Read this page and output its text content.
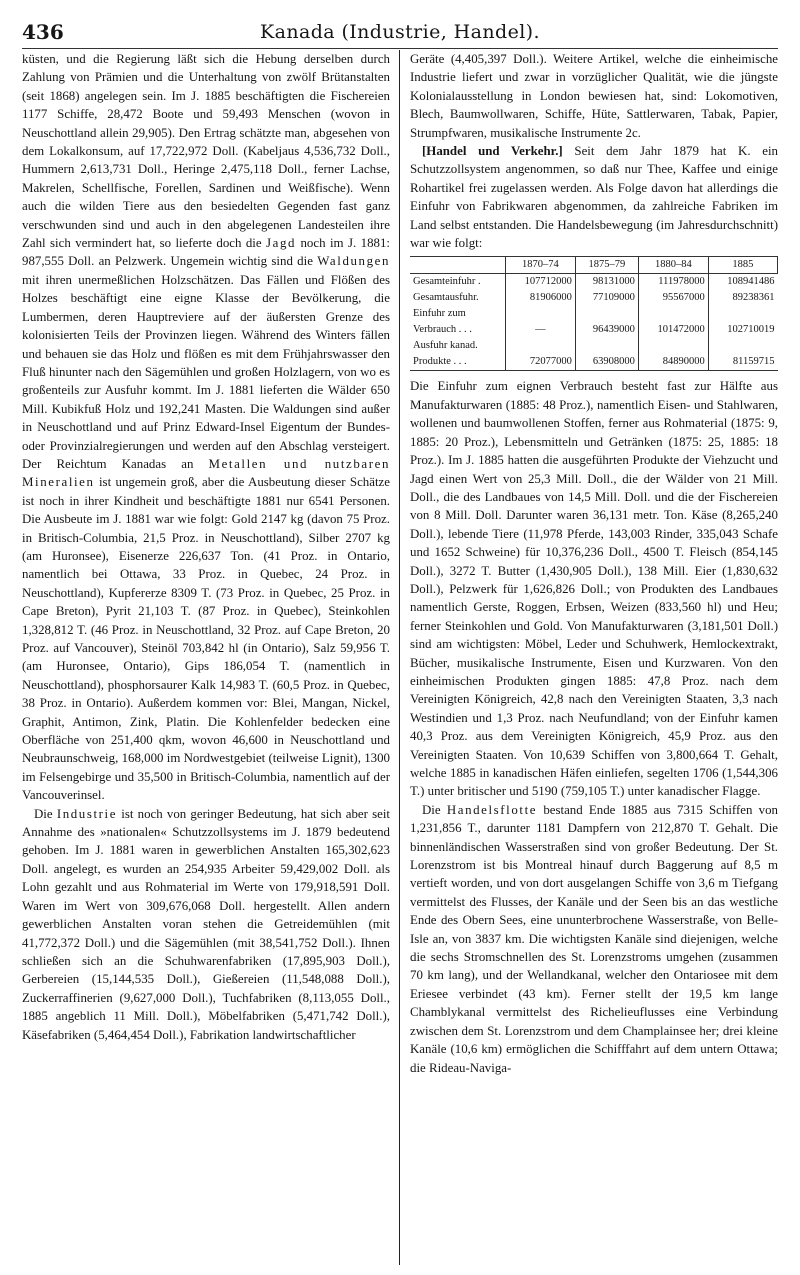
436	Kanada (Industrie, Handel).

küsten, und die Regierung läßt sich die Hebung derselben durch Zahlung von Prämien und die Unterhaltung von zwölf Brütanstalten (seit 1868) angelegen sein. Im J. 1885 beschäftigten die Fischereien 1177 Schiffe, 28,472 Boote und 59,493 Menschen (wovon in Neuschottland allein 29,905). Den Ertrag schätzte man, abgesehen von dem Lokalkonsum, auf 17,722,972 Doll. (Kabeljaus 4,536,732 Doll., Hummern 2,613,731 Doll., Heringe 2,475,118 Doll., ferner Lachse, Makrelen, Schellfische, Forellen, Sardinen und Weißfische). Wenn auch die wilden Tiere aus den besiedelten Gegenden fast ganz verschwunden sind und auch in den abgelegenen Landesteilen ihre Zahl sich vermindert hat, so lieferte doch die Jagd noch im J. 1881: 987,555 Doll. an Pelzwerk. Ungemein wichtig sind die Waldungen mit ihren unermeßlichen Holzschätzen. Das Fällen und Flößen des Holzes beschäftigt eine eigne Klasse der Bevölkerung, die Lumbermen, deren Hauptreviere auf der äußersten Grenze des kolonisierten Teils der Provinzen liegen. Während des Winters fällen und behauen sie das Holz und flößen es mit dem Frühjahrswasser den Fluß hinunter nach den Sägemühlen und großen Holzlagern, von wo es großenteils zur Ausfuhr kommt. Im J. 1881 lieferten die Wälder 650 Mill. Kubikfuß Holz und 192,241 Masten. Die Waldungen sind außer in Neuschottland und auf Prinz Edward-Insel Eigentum der Bundes- oder Provinzialregierungen und werden auf den Abschlag versteigert. Der Reichtum Kanadas an Metallen und nutzbaren Mineralien ist ungemein groß, aber die Ausbeutung dieser Schätze ist noch in ihrer Kindheit und beschäftigte 1881 nur 6541 Personen. Die Ausbeute im J. 1881 war wie folgt: Gold 2147 kg (davon 75 Proz. in Britisch-Columbia, 21,5 Proz. in Neuschottland), Silber 2707 kg (am Huronsee), Eisenerze 226,637 Ton. (41 Proz. in Ontario, namentlich bei Ottawa, 33 Proz. in Quebec, 24 Proz. in Neuschottland), Kupfererze 8309 T. (73 Proz. in Quebec, 25 Proz. in Cape Breton), Pyrit 21,103 T. (87 Proz. in Quebec), Steinkohlen 1,328,812 T. (46 Proz. in Neuschottland, 32 Proz. auf Cape Breton, 20 Proz. auf Vancouver), Steinöl 703,842 hl (in Ontario), Salz 59,956 T. (am Huronsee, Ontario), Gips 186,054 T. (namentlich in Neuschottland), phosphorsaurer Kalk 14,983 T. (60,5 Proz. in Quebec, 38 Proz. in Ontario). Außerdem kommen vor: Blei, Mangan, Nickel, Graphit, Antimon, Zink, Platin. Die Kohlenfelder bedecken eine Oberfläche von 251,400 qkm, wovon 46,600 in Neuschottland und Neubraunschweig, 168,000 im Nordwestgebiet (teilweise Lignit), 1300 im Felsengebirge und 35,500 in Britisch-Columbia, namentlich auf der Vancouverinsel.

Die Industrie ist noch von geringer Bedeutung, hat sich aber seit Annahme des »nationalen« Schutzzollsystems im J. 1879 bedeutend gehoben. Im J. 1881 waren in gewerblichen Anstalten 165,302,623 Doll. angelegt, es wurden an 254,935 Arbeiter 59,429,002 Doll. als Lohn gezahlt und aus Rohmaterial im Werte von 179,918,591 Doll. Waren im Wert von 309,676,068 Doll. hergestellt. Allen andern gewerblichen Anstalten voran stehen die Getreidemühlen (mit 41,772,372 Doll.) und die Sägemühlen (mit 38,541,752 Doll.). Ihnen schließen sich an die Schuhwarenfabriken (17,895,903 Doll.), Gerbereien (15,144,535 Doll.), Gießereien (11,548,088 Doll.), Zuckerraffinerien (9,627,000 Doll.), Tuchfabriken (8,113,055 Doll., 1885 angeblich 11 Mill. Doll.), Möbelfabriken (5,471,742 Doll.), Käsefabriken (5,464,454 Doll.), Fabrikation landwirtschaftlicher

Geräte (4,405,397 Doll.). Weitere Artikel, welche die einheimische Industrie liefert und zwar in vorzüglicher Qualität, wie die jüngste Kolonialausstellung in London bewiesen hat, sind: Lokomotiven, Blech, Baumwollwaren, Schiffe, Hüte, Sattlerwaren, Tabak, Papier, Strumpfwaren, musikalische Instrumente 2c.

[Handel und Verkehr.] Seit dem Jahr 1879 hat K. ein Schutzzollsystem angenommen, so daß nur Thee, Kaffee und einige Rohartikel frei zugelassen werden. Als Folge davon hat allerdings die Einfuhr von Fabrikwaren abgenommen, da zahlreiche Fabriken im Land selbst entstanden. Die Handelsbewegung (im Jahresdurchschnitt) war wie folgt:

	1870–74	1875–79	1880–84	1885
Gesamteinfuhr .	107712000	98131000	111978000	108941486
Gesamtausfuhr.	81906000	77109000	95567000	89238361
Einfuhr zum				
Verbrauch . . .	—	96439000	101472000	102710019
Ausfuhr kanad.				
Produkte . . .	72077000	63908000	84890000	81159715

Die Einfuhr zum eignen Verbrauch besteht fast zur Hälfte aus Manufakturwaren (1885: 48 Proz.), namentlich Eisen- und Stahlwaren, wollenen und baumwollenen Stoffen, ferner aus Rohmaterial (1875: 9, 1885: 20 Proz.), Lebensmitteln und Getränken (1875: 25, 1885: 18 Proz.). Im J. 1885 hatten die ausgeführten Produkte der Viehzucht und Jagd einen Wert von 25,3 Mill. Doll., die der Wälder von 21 Mill. Doll., die des Landbaues von 14,5 Mill. Doll. und die der Fischereien von 8 Mill. Doll. Darunter waren 36,131 metr. Ton. Käse (8,265,240 Doll.), lebende Tiere (11,978 Pferde, 143,003 Rinder, 335,043 Schafe und 1652 Schweine) für 10,376,236 Doll., 4500 T. Fleisch (854,145 Doll.), 3272 T. Butter (1,430,905 Doll.), 138 Mill. Eier (1,830,632 Doll.), Pelzwerk für 1,626,826 Doll.; von Produkten des Landbaues namentlich Gerste, Roggen, Erbsen, Weizen (833,560 hl) und Heu; ferner Steinkohlen und Gold. Von Manufakturwaren (3,181,501 Doll.) sind am wichtigsten: Möbel, Leder und Schuhwerk, Hemlockextrakt, Bücher, musikalische Instrumente, Eisen und Kurzwaren. Von den einheimischen Produkten gingen 1885: 47,8 Proz. nach dem Vereinigten Königreich, 42,8 nach den Vereinigten Staaten, 3,3 nach Westindien und 1,3 Proz. nach Neufundland; von der Einfuhr kamen 40,3 Proz. aus dem Vereinigten Königreich, 45,9 Proz. aus den Vereinigten Staaten. Von 10,639 Schiffen von 3,800,664 T. Gehalt, welche 1885 in kanadischen Häfen einliefen, segelten 1706 (1,544,306 T.) unter britischer und 5190 (759,105 T.) unter kanadischer Flagge.

Die Handelsflotte bestand Ende 1885 aus 7315 Schiffen von 1,231,856 T., darunter 1181 Dampfern von 212,870 T. Gehalt. Die binnenländischen Wasserstraßen sind von großer Bedeutung. Der St. Lorenzstrom ist bis Montreal hinauf durch Baggerung auf 8,5 m vertieft worden, und von dort ausgelangen Schiffe von 3,6 m Tiefgang vermittelst des Flusses, der Kanäle und der Seen bis an das westliche Ende des Obern Sees, eine ununterbrochene Wasserstraße, von Belle-Isle an, von 3837 km. Die wichtigsten Kanäle sind diejenigen, welche die sechs Stromschnellen des St. Lorenzstroms umgehen (zusammen 70 km lang), und der Wellandkanal, welcher den Ontariosee mit dem Eriesee verbindet (43 km). Ferner stellt der 19,5 km lange Chamblykanal vermittelst des Richelieuflusses eine Verbindung zwischen dem St. Lorenzstrom und dem Champlainsee her; drei kleine Kanäle (10,6 km) ermöglichen die Schifffahrt auf dem untern Ottawa; die Rideau-Naviga-
